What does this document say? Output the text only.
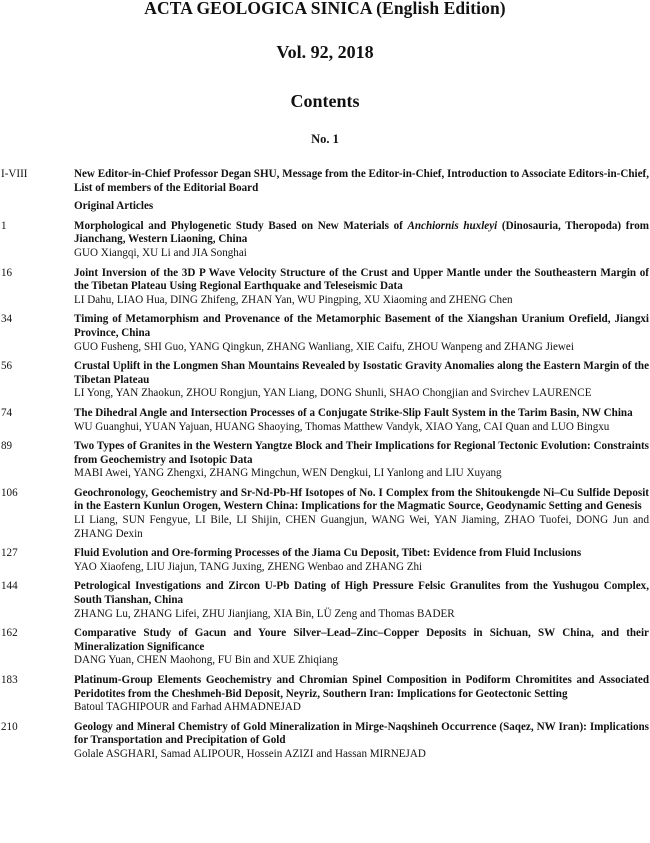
ACTA GEOLOGICA SINICA (English Edition)
Vol. 92, 2018
Contents
No. 1
I-VIII	New Editor-in-Chief Professor Degan SHU, Message from the Editor-in-Chief, Introduction to Associate Editors-in-Chief, List of members of the Editorial Board
Original Articles
1	Morphological and Phylogenetic Study Based on New Materials of Anchiornis huxleyi (Dinosauria, Theropoda) from Jianchang, Western Liaoning, China
GUO Xiangqi, XU Li and JIA Songhai
16	Joint Inversion of the 3D P Wave Velocity Structure of the Crust and Upper Mantle under the Southeastern Margin of the Tibetan Plateau Using Regional Earthquake and Teleseismic Data
LI Dahu, LIAO Hua, DING Zhifeng, ZHAN Yan, WU Pingping, XU Xiaoming and ZHENG Chen
34	Timing of Metamorphism and Provenance of the Metamorphic Basement of the Xiangshan Uranium Orefield, Jiangxi Province, China
GUO Fusheng, SHI Guo, YANG Qingkun, ZHANG Wanliang, XIE Caifu, ZHOU Wanpeng and ZHANG Jiewei
56	Crustal Uplift in the Longmen Shan Mountains Revealed by Isostatic Gravity Anomalies along the Eastern Margin of the Tibetan Plateau
LI Yong, YAN Zhaokun, ZHOU Rongjun, YAN Liang, DONG Shunli, SHAO Chongjian and Svirchev LAURENCE
74	The Dihedral Angle and Intersection Processes of a Conjugate Strike-Slip Fault System in the Tarim Basin, NW China
WU Guanghui, YUAN Yajuan, HUANG Shaoying, Thomas Matthew Vandyk, XIAO Yang, CAI Quan and LUO Bingxu
89	Two Types of Granites in the Western Yangtze Block and Their Implications for Regional Tectonic Evolution: Constraints from Geochemistry and Isotopic Data
MABI Awei, YANG Zhengxi, ZHANG Mingchun, WEN Dengkui, LI Yanlong and LIU Xuyang
106	Geochronology, Geochemistry and Sr-Nd-Pb-Hf Isotopes of No. I Complex from the Shitoukengde Ni–Cu Sulfide Deposit in the Eastern Kunlun Orogen, Western China: Implications for the Magmatic Source, Geodynamic Setting and Genesis
LI Liang, SUN Fengyue, LI Bile, LI Shijin, CHEN Guangjun, WANG Wei, YAN Jiaming, ZHAO Tuofei, DONG Jun and ZHANG Dexin
127	Fluid Evolution and Ore-forming Processes of the Jiama Cu Deposit, Tibet: Evidence from Fluid Inclusions
YAO Xiaofeng, LIU Jiajun, TANG Juxing, ZHENG Wenbao and ZHANG Zhi
144	Petrological Investigations and Zircon U-Pb Dating of High Pressure Felsic Granulites from the Yushugou Complex, South Tianshan, China
ZHANG Lu, ZHANG Lifei, ZHU Jianjiang, XIA Bin, LÜ Zeng and Thomas BADER
162	Comparative Study of Gacun and Youre Silver–Lead–Zinc–Copper Deposits in Sichuan, SW China, and their Mineralization Significance
DANG Yuan, CHEN Maohong, FU Bin and XUE Zhiqiang
183	Platinum-Group Elements Geochemistry and Chromian Spinel Composition in Podiform Chromitites and Associated Peridotites from the Cheshmeh-Bid Deposit, Neyriz, Southern Iran: Implications for Geotectonic Setting
Batoul TAGHIPOUR and Farhad AHMADNEJAD
210	Geology and Mineral Chemistry of Gold Mineralization in Mirge-Naqshineh Occurrence (Saqez, NW Iran): Implications for Transportation and Precipitation of Gold
Golale ASGHARI, Samad ALIPOUR, Hossein AZIZI and Hassan MIRNEJAD
